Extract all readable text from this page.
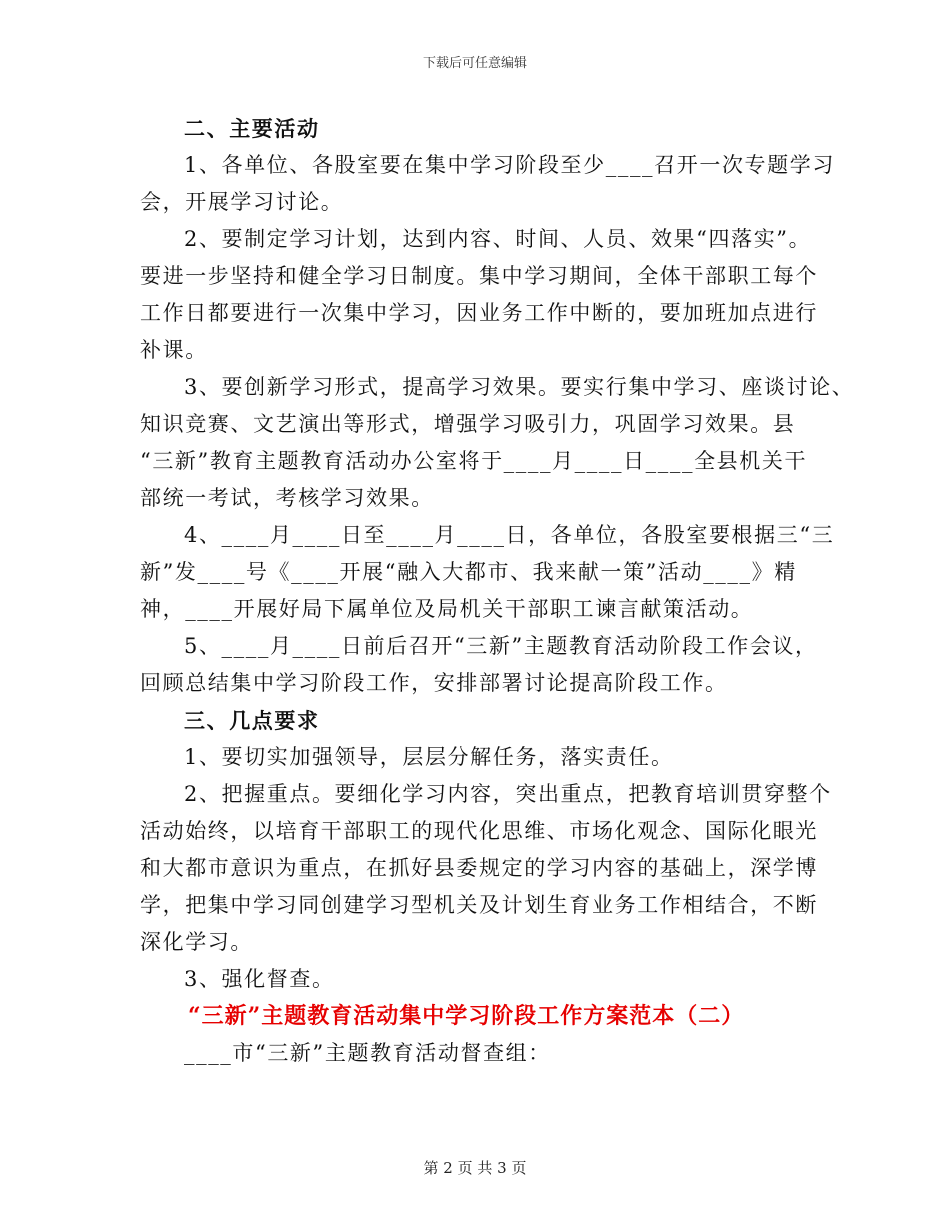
下载后可任意编辑
二、主要活动
1、各单位、各股室要在集中学习阶段至少____召开一次专题学习
会，开展学习讨论。
2、要制定学习计划，达到内容、时间、人员、效果“四落实”。
要进一步坚持和健全学习日制度。集中学习期间，全体干部职工每个
工作日都要进行一次集中学习，因业务工作中断的，要加班加点进行
补课。
3、要创新学习形式，提高学习效果。要实行集中学习、座谈讨论、
知识竞赛、文艺演出等形式，增强学习吸引力，巩固学习效果。县
“三新”教育主题教育活动办公室将于____月____日____全县机关干
部统一考试，考核学习效果。
4、____月____日至____月____日，各单位，各股室要根据三“三
新”发____号《____开展“融入大都市、我来献一策”活动____》精
神，____开展好局下属单位及局机关干部职工谏言献策活动。
5、____月____日前后召开“三新”主题教育活动阶段工作会议，
回顾总结集中学习阶段工作，安排部署讨论提高阶段工作。
三、几点要求
1、要切实加强领导，层层分解任务，落实责任。
2、把握重点。要细化学习内容，突出重点，把教育培训贯穿整个
活动始终，以培育干部职工的现代化思维、市场化观念、国际化眼光
和大都市意识为重点，在抓好县委规定的学习内容的基础上，深学博
学，把集中学习同创建学习型机关及计划生育业务工作相结合，不断
深化学习。
3、强化督查。
“三新”主题教育活动集中学习阶段工作方案范本（二）
____市“三新”主题教育活动督查组：
第 2 页 共 3 页
